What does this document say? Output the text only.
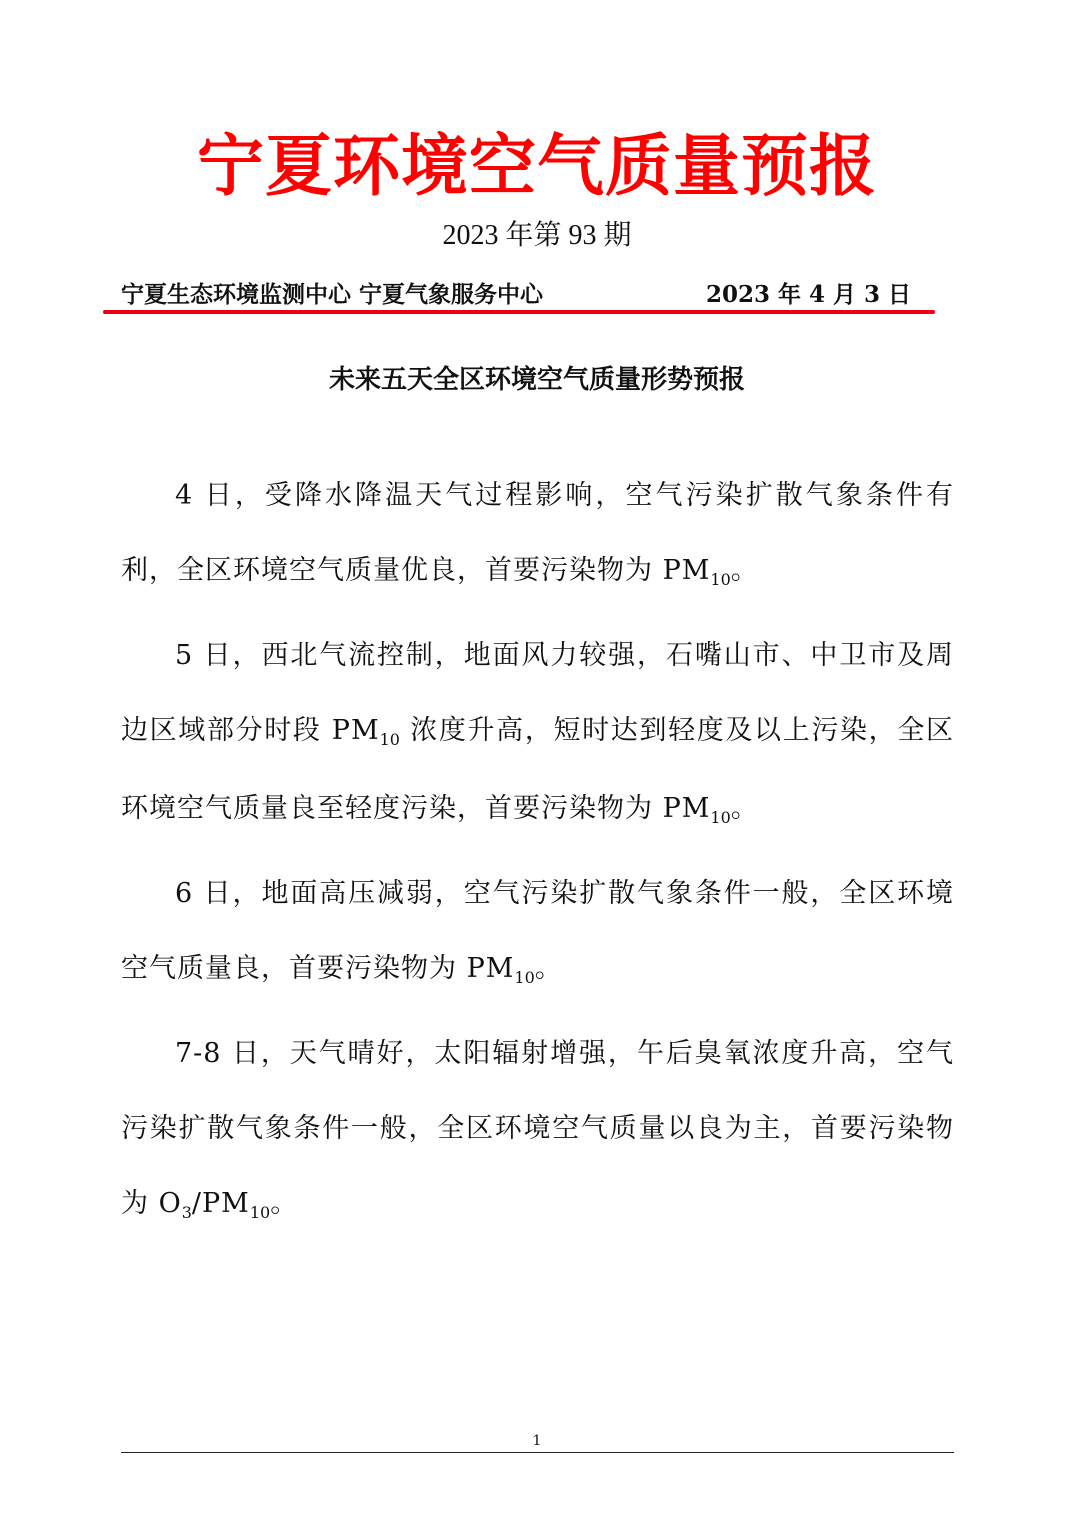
宁夏环境空气质量预报
2023 年第 93 期
宁夏生态环境监测中心 宁夏气象服务中心	2023 年 4 月 3 日
未来五天全区环境空气质量形势预报

4 日，受降水降温天气过程影响，空气污染扩散气象条件有利，全区环境空气质量优良，首要污染物为 $PM_{10}$。

5 日，西北气流控制，地面风力较强，石嘴山市、中卫市及周边区域部分时段 $PM_{10}$ 浓度升高，短时达到轻度及以上污染，全区环境空气质量良至轻度污染，首要污染物为 $PM_{10}$。

6 日，地面高压减弱，空气污染扩散气象条件一般，全区环境空气质量良，首要污染物为 $PM_{10}$。

7-8 日，天气晴好，太阳辐射增强，午后臭氧浓度升高，空气污染扩散气象条件一般，全区环境空气质量以良为主，首要污染物为 $O_3/PM_{10}$。

1
